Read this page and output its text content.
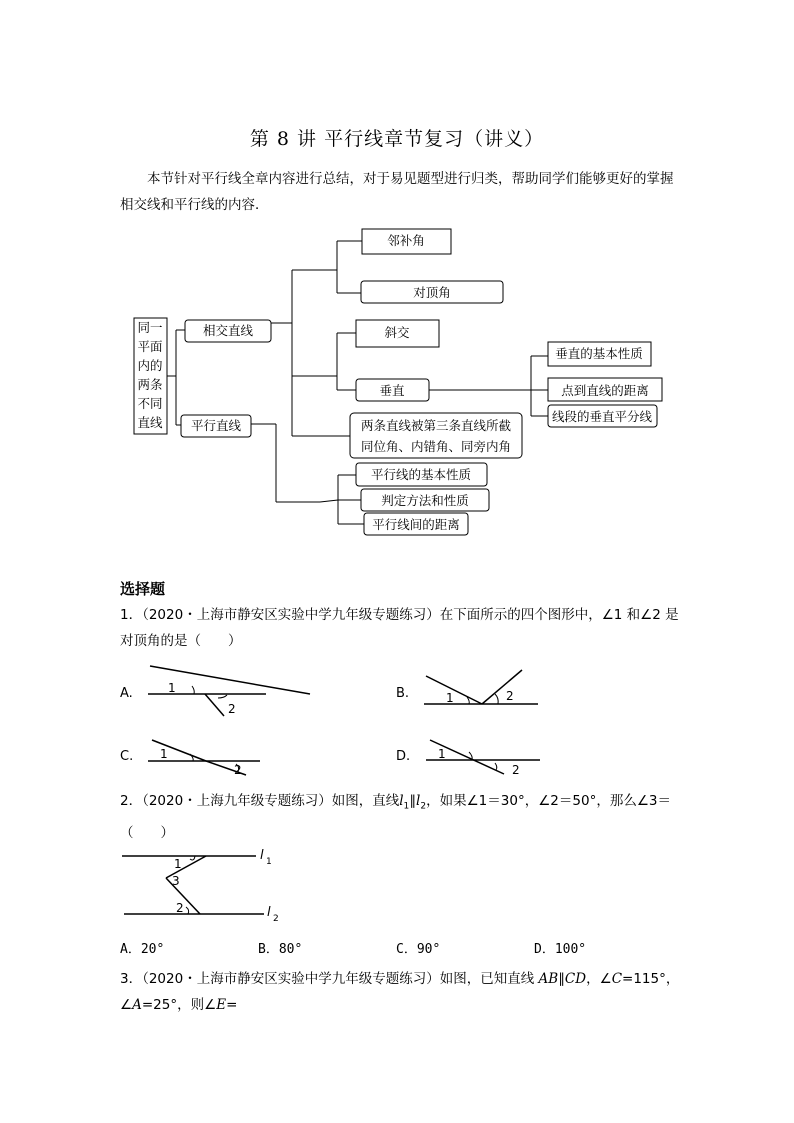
第 8 讲 平行线章节复习（讲义）
本节针对平行线全章内容进行总结，对于易见题型进行归类，帮助同学们能够更好的掌握相交线和平行线的内容．
同一
平面
内的
两条
不同
直线
相交直线
平行直线
邻补角
对顶角
斜交
垂直
垂直的基本性质
点到直线的距离
线段的垂直平分线
两条直线被第三条直线所截
同位角、内错角、同旁内角
平行线的基本性质
判定方法和性质
平行线间的距离
选择题
1．（2020・上海市静安区实验中学九年级专题练习）在下面所示的四个图形中，∠1 和∠2 是对顶角的是（　　）
1
2
1	2
1
2
1
2
A.	B.
C.	D.
2．（2020・上海九年级专题练习）如图，直线$l_1\parallel l_2$，如果∠1＝30°，∠2＝50°，那么∠3＝（　　）
1
3
2
l 1
l 2
A．20°	B．80°	C．90°	D．100°
3．（2020・上海市静安区实验中学九年级专题练习）如图，已知直线 AB∥CD，∠C=115°，∠A=25°，则∠E=
